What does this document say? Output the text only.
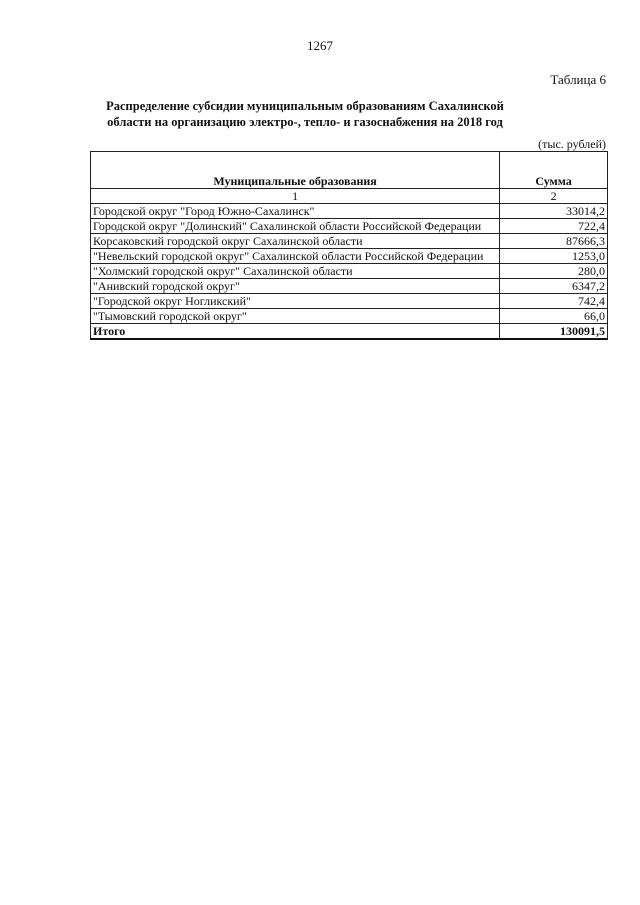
1267
Таблица 6
Распределение субсидии муниципальным образованиям Сахалинской области на организацию электро-, тепло- и газоснабжения на 2018 год
(тыс. рублей)
Муниципальные образования	Сумма
1	2
Городской округ "Город Южно-Сахалинск"	33014,2
Городской округ "Долинский" Сахалинской области Российской Федерации	722,4
Корсаковский городской округ Сахалинской области	87666,3
"Невельский городской округ" Сахалинской области Российской Федерации	1253,0
"Холмский городской округ" Сахалинской области	280,0
"Анивский городской округ"	6347,2
"Городской округ Ногликский"	742,4
"Тымовский городской округ"	66,0
Итого	130091,5
